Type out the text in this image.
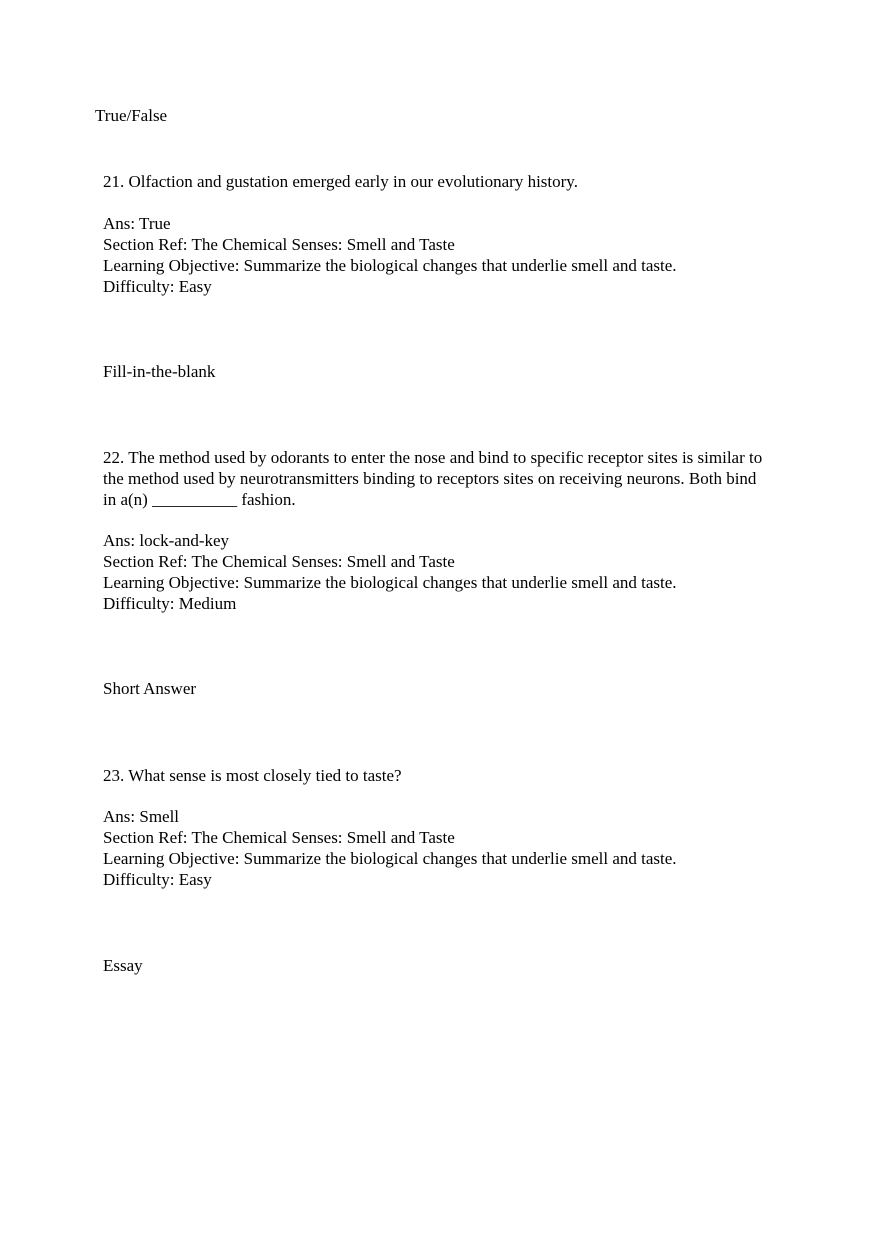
True/False
21. Olfaction and gustation emerged early in our evolutionary history.
Ans: True
Section Ref: The Chemical Senses: Smell and Taste
Learning Objective: Summarize the biological changes that underlie smell and taste.
Difficulty: Easy
Fill-in-the-blank
22. The method used by odorants to enter the nose and bind to specific receptor sites is similar to
the method used by neurotransmitters binding to receptors sites on receiving neurons. Both bind
in a(n) __________ fashion.
Ans: lock-and-key
Section Ref: The Chemical Senses: Smell and Taste
Learning Objective: Summarize the biological changes that underlie smell and taste.
Difficulty: Medium
Short Answer
23. What sense is most closely tied to taste?
Ans: Smell
Section Ref: The Chemical Senses: Smell and Taste
Learning Objective: Summarize the biological changes that underlie smell and taste.
Difficulty: Easy
Essay
